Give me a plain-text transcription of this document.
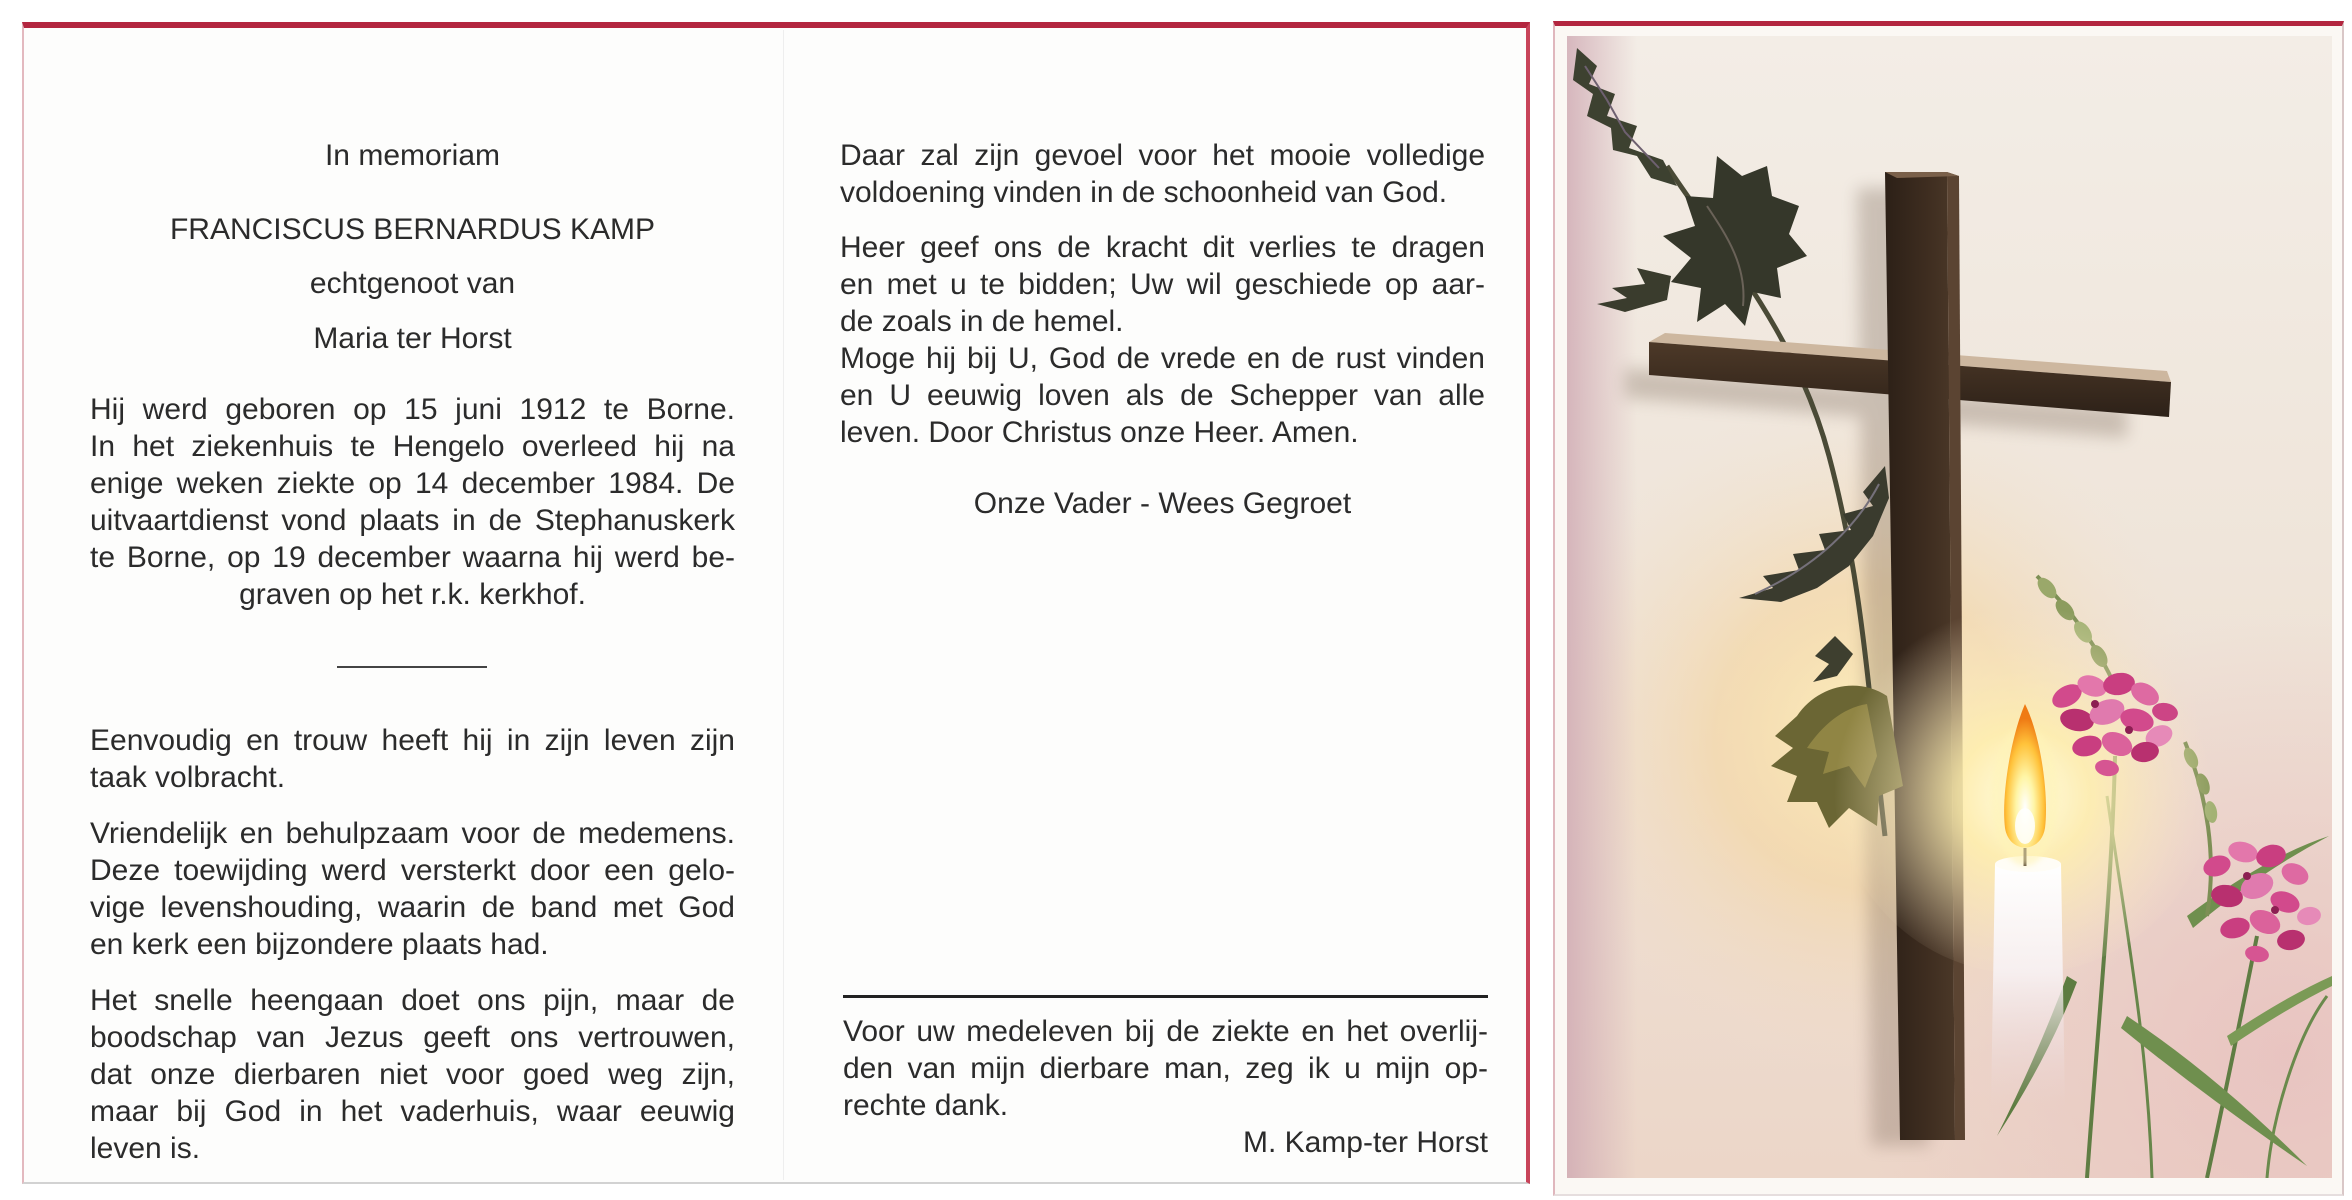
In memoriam
FRANCISCUS BERNARDUS KAMP
echtgenoot van
Maria ter Horst
Hij werd geboren op 15 juni 1912 te Borne.
In het ziekenhuis te Hengelo overleed hij na
enige weken ziekte op 14 december 1984. De
uitvaartdienst vond plaats in de Stephanuskerk
te Borne, op 19 december waarna hij werd be-
graven op het r.k. kerkhof.
Eenvoudig en trouw heeft hij in zijn leven zijn
taak volbracht.
Vriendelijk en behulpzaam voor de medemens.
Deze toewijding werd versterkt door een gelo-
vige levenshouding, waarin de band met God
en kerk een bijzondere plaats had.
Het snelle heengaan doet ons pijn, maar de
boodschap van Jezus geeft ons vertrouwen,
dat onze dierbaren niet voor goed weg zijn,
maar bij God in het vaderhuis, waar eeuwig
leven is.
Daar zal zijn gevoel voor het mooie volledige
voldoening vinden in de schoonheid van God.
Heer geef ons de kracht dit verlies te dragen
en met u te bidden; Uw wil geschiede op aar-
de zoals in de hemel.
Moge hij bij U, God de vrede en de rust vinden
en U eeuwig loven als de Schepper van alle
leven. Door Christus onze Heer. Amen.
Onze Vader - Wees Gegroet
Voor uw medeleven bij de ziekte en het overlij-
den van mijn dierbare man, zeg ik u mijn op-
rechte dank.
M. Kamp-ter Horst
